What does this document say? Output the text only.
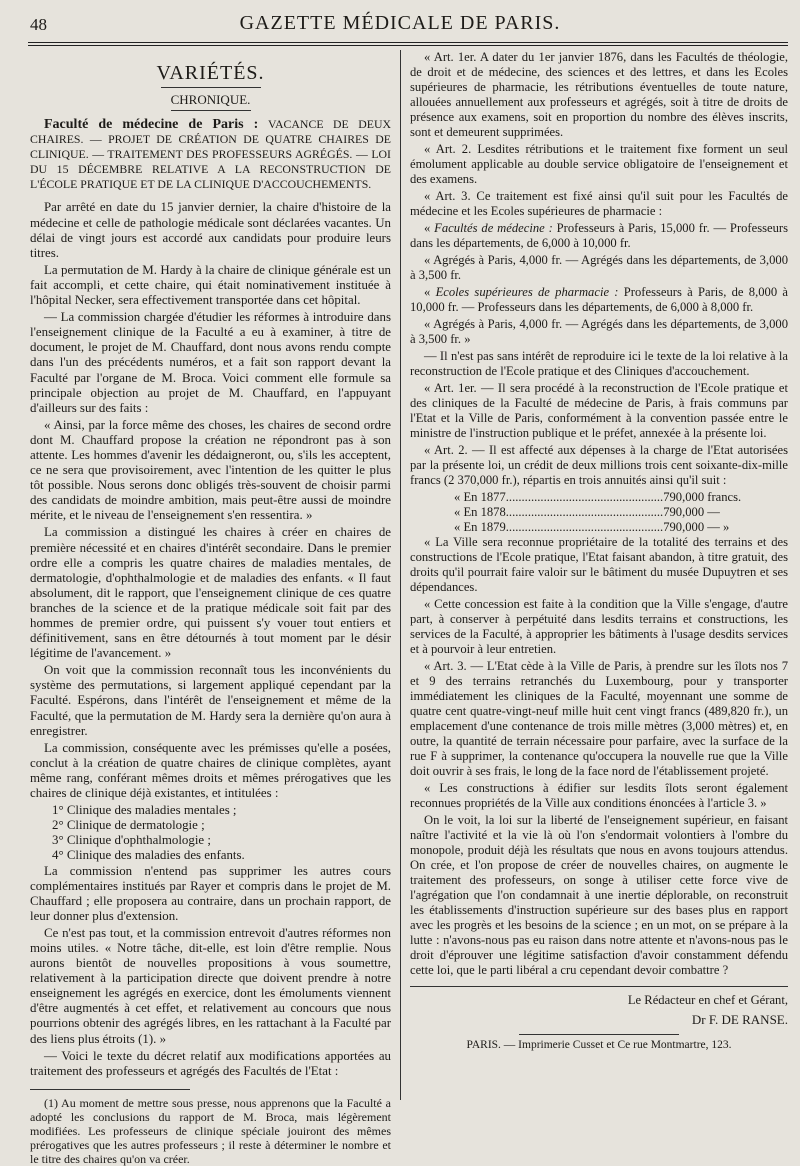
48	GAZETTE MÉDICALE DE PARIS.
VARIÉTÉS.
CHRONIQUE.
Faculté de médecine de Paris : VACANCE DE DEUX CHAIRES. — PROJET DE CRÉATION DE QUATRE CHAIRES DE CLINIQUE. — TRAITEMENT DES PROFESSEURS AGRÉGÉS. — LOI DU 15 DÉCEMBRE RELATIVE A LA RECONSTRUCTION DE L'ÉCOLE PRATIQUE ET DE LA CLINIQUE D'ACCOUCHEMENTS.

Par arrêté en date du 15 janvier dernier, la chaire d'histoire de la médecine et celle de pathologie médicale sont déclarées vacantes. Un délai de vingt jours est accordé aux candidats pour produire leurs titres.

La permutation de M. Hardy à la chaire de clinique générale est un fait accompli, et cette chaire, qui était nominativement instituée à l'hôpital Necker, sera effectivement transportée dans cet hôpital.

— La commission chargée d'étudier les réformes à introduire dans l'enseignement clinique de la Faculté a eu à examiner, à titre de document, le projet de M. Chauffard, dont nous avons rendu compte dans l'un des précédents numéros, et a fait son rapport devant la Faculté par l'organe de M. Broca. Voici comment elle formule sa principale objection au projet de M. Chauffard, en l'appuyant d'ailleurs sur des faits :

« Ainsi, par la force même des choses, les chaires de second ordre dont M. Chauffard propose la création ne répondront pas à son attente. Les hommes d'avenir les dédaigneront, ou, s'ils les acceptent, ce ne sera que provisoirement, avec l'intention de les quitter le plus tôt possible. Nous serons donc obligés très-souvent de choisir parmi des candidats de moindre ambition, mais peut-être aussi de moindre mérite, et le niveau de l'enseignement s'en ressentira. »

La commission a distingué les chaires à créer en chaires de première nécessité et en chaires d'intérêt secondaire. Dans le premier ordre elle a compris les quatre chaires de maladies mentales, de dermatologie, d'ophthalmologie et de maladies des enfants. « Il faut absolument, dit le rapport, que l'enseignement clinique de ces quatre branches de la science et de la pratique médicale soit fait par des hommes de premier ordre, qui puissent s'y vouer tout entiers et définitivement, sans en être détournés à tout moment par le désir légitime de l'avancement. »

On voit que la commission reconnaît tous les inconvénients du système des permutations, si largement appliqué cependant par la Faculté. Espérons, dans l'intérêt de l'enseignement et même de la Faculté, que la permutation de M. Hardy sera la dernière qu'on aura à enregistrer.

La commission, conséquente avec les prémisses qu'elle a posées, conclut à la création de quatre chaires de clinique complètes, ayant même rang, conférant mêmes droits et mêmes prérogatives que les chaires de clinique déjà existantes, et intitulées :

1° Clinique des maladies mentales ;

2° Clinique de dermatologie ;

3° Clinique d'ophthalmologie ;

4° Clinique des maladies des enfants.

La commission n'entend pas supprimer les autres cours complémentaires institués par Rayer et compris dans le projet de M. Chauffard ; elle proposera au contraire, dans un prochain rapport, de leur donner plus d'extension.

Ce n'est pas tout, et la commission entrevoit d'autres réformes non moins utiles. « Notre tâche, dit-elle, est loin d'être remplie. Nous aurons bientôt de nouvelles propositions à vous soumettre, relativement à la participation directe que doivent prendre à notre enseignement les agrégés en exercice, dont les émoluments viennent d'être augmentés à cet effet, et relativement au concours que nous pourrions obtenir des agrégés libres, en les rattachant à la Faculté par des liens plus étroits (1). »

— Voici le texte du décret relatif aux modifications apportées au traitement des professeurs et agrégés des Facultés de l'Etat :

(1) Au moment de mettre sous presse, nous apprenons que la Faculté a adopté les conclusions du rapport de M. Broca, mais légèrement modifiées. Les professeurs de clinique spéciale jouiront des mêmes prérogatives que les autres professeurs ; il reste à déterminer le nombre et le titre des chaires qu'on va créer.

« Art. 1er. A dater du 1er janvier 1876, dans les Facultés de théologie, de droit et de médecine, des sciences et des lettres, et dans les Ecoles supérieures de pharmacie, les rétributions éventuelles de toute nature, allouées annuellement aux professeurs et agrégés, soit à titre de droits de présence aux examens, soit en proportion du nombre des élèves inscrits, sont et demeurent supprimées.

« Art. 2. Lesdites rétributions et le traitement fixe forment un seul émolument applicable au double service obligatoire de l'enseignement et des examens.

« Art. 3. Ce traitement est fixé ainsi qu'il suit pour les Facultés de médecine et les Ecoles supérieures de pharmacie :

« Facultés de médecine : Professeurs à Paris, 15,000 fr. — Professeurs dans les départements, de 6,000 à 10,000 fr.

« Agrégés à Paris, 4,000 fr. — Agrégés dans les départements, de 3,000 à 3,500 fr.

« Ecoles supérieures de pharmacie : Professeurs à Paris, de 8,000 à 10,000 fr. — Professeurs dans les départements, de 6,000 à 8,000 fr.

« Agrégés à Paris, 4,000 fr. — Agrégés dans les départements, de 3,000 à 3,500 fr. »

— Il n'est pas sans intérêt de reproduire ici le texte de la loi relative à la reconstruction de l'Ecole pratique et des Cliniques d'accouchement.

« Art. 1er. — Il sera procédé à la reconstruction de l'Ecole pratique et des cliniques de la Faculté de médecine de Paris, à frais communs par l'Etat et la Ville de Paris, conformément à la convention passée entre le ministre de l'instruction publique et le préfet, annexée à la présente loi.

« Art. 2. — Il est affecté aux dépenses à la charge de l'Etat autorisées par la présente loi, un crédit de deux millions trois cent soixante-dix-mille francs (2 370,000 fr.), répartis en trois annuités ainsi qu'il suit :

« En 1877 .................................................. 790,000 francs.
« En 1878 .................................................. 790,000 —
« En 1879 .................................................. 790,000 — »

« La Ville sera reconnue propriétaire de la totalité des terrains et des constructions de l'Ecole pratique, l'Etat faisant abandon, à titre gratuit, des droits qu'il pourrait faire valoir sur le bâtiment du musée Dupuytren et ses dépendances.

« Cette concession est faite à la condition que la Ville s'engage, d'autre part, à conserver à perpétuité dans lesdits terrains et constructions, les services de la Faculté, à approprier les bâtiments à l'usage desdits services et à pourvoir à leur entretien.

« Art. 3. — L'Etat cède à la Ville de Paris, à prendre sur les îlots nos 7 et 9 des terrains retranchés du Luxembourg, pour y transporter immédiatement les cliniques de la Faculté, moyennant une somme de quatre cent quatre-vingt-neuf mille huit cent vingt francs (489,820 fr.), un emplacement d'une contenance de trois mille mètres (3,000 mètres) et, en outre, la quantité de terrain nécessaire pour parfaire, avec la surface de la rue F à supprimer, la contenance qu'occupera la nouvelle rue que la Ville doit ouvrir à ses frais, le long de la face nord de l'établissement projeté.

« Les constructions à édifier sur lesdits îlots seront également reconnues propriétés de la Ville aux conditions énoncées à l'article 3. »

On le voit, la loi sur la liberté de l'enseignement supérieur, en faisant naître l'activité et la vie là où l'on s'endormait volontiers à l'ombre du monopole, produit déjà les résultats que nous en avons toujours attendus. On crée, et l'on propose de créer de nouvelles chaires, on augmente le traitement des professeurs, on songe à utiliser cette force vive de l'agrégation que l'on condamnait à une inertie déplorable, on reconstruit les établissements d'instruction supérieure sur des bases plus en rapport avec les progrès et les besoins de la science ; en un mot, on se prépare à la lutte : n'avons-nous pas eu raison dans notre attente et n'avons-nous pas le droit d'éprouver une légitime satisfaction d'avoir constamment défendu cette loi, que le parti libéral a cru cependant devoir combattre ?

Le Rédacteur en chef et Gérant,
Dr F. DE RANSE.
PARIS. — Imprimerie Cusset et Ce rue Montmartre, 123.
